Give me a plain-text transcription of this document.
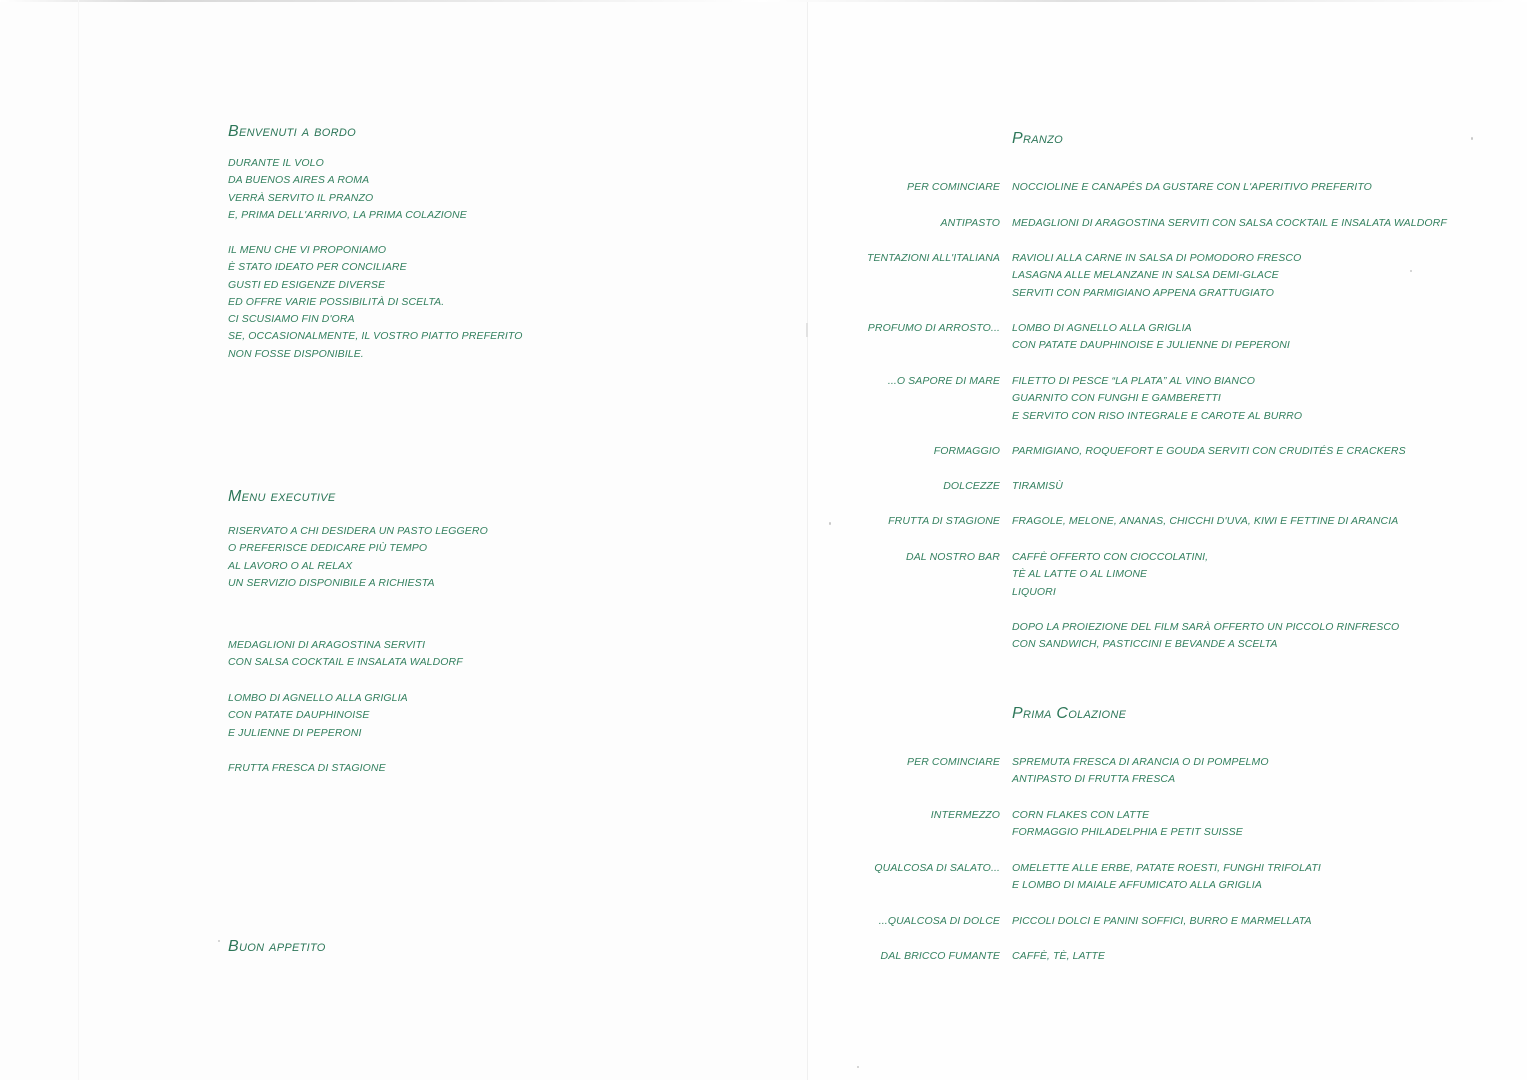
Benvenuti a bordo
DURANTE IL VOLO
DA BUENOS AIRES A ROMA
VERRÀ SERVITO IL PRANZO
E, PRIMA DELL'ARRIVO, LA PRIMA COLAZIONE
IL MENU CHE VI PROPONIAMO
È STATO IDEATO PER CONCILIARE
GUSTI ED ESIGENZE DIVERSE
ED OFFRE VARIE POSSIBILITÀ DI SCELTA.
CI SCUSIAMO FIN D'ORA
SE, OCCASIONALMENTE, IL VOSTRO PIATTO PREFERITO
NON FOSSE DISPONIBILE.
Menu executive
RISERVATO A CHI DESIDERA UN PASTO LEGGERO
O PREFERISCE DEDICARE PIÙ TEMPO
AL LAVORO O AL RELAX
UN SERVIZIO DISPONIBILE A RICHIESTA
MEDAGLIONI DI ARAGOSTINA SERVITI
CON SALSA COCKTAIL E INSALATA WALDORF
LOMBO DI AGNELLO ALLA GRIGLIA
CON PATATE DAUPHINOISE
E JULIENNE DI PEPERONI
FRUTTA FRESCA DI STAGIONE
Buon appetito
Pranzo
PER COMINCIARE NOCCIOLINE E CANAPÉS DA GUSTARE CON L'APERITIVO PREFERITO
ANTIPASTO MEDAGLIONI DI ARAGOSTINA SERVITI CON SALSA COCKTAIL E INSALATA WALDORF
TENTAZIONI ALL'ITALIANA RAVIOLI ALLA CARNE IN SALSA DI POMODORO FRESCO
LASAGNA ALLE MELANZANE IN SALSA DEMI-GLACE
SERVITI CON PARMIGIANO APPENA GRATTUGIATO
PROFUMO DI ARROSTO... LOMBO DI AGNELLO ALLA GRIGLIA
CON PATATE DAUPHINOISE E JULIENNE DI PEPERONI
...O SAPORE DI MARE FILETTO DI PESCE “LA PLATA” AL VINO BIANCO
GUARNITO CON FUNGHI E GAMBERETTI
E SERVITO CON RISO INTEGRALE E CAROTE AL BURRO
FORMAGGIO PARMIGIANO, ROQUEFORT E GOUDA SERVITI CON CRUDITÉS E CRACKERS
DOLCEZZE TIRAMISÙ
FRUTTA DI STAGIONE FRAGOLE, MELONE, ANANAS, CHICCHI D'UVA, KIWI E FETTINE DI ARANCIA
DAL NOSTRO BAR CAFFÈ OFFERTO CON CIOCCOLATINI,
TÈ AL LATTE O AL LIMONE
LIQUORI
DOPO LA PROIEZIONE DEL FILM SARÀ OFFERTO UN PICCOLO RINFRESCO
CON SANDWICH, PASTICCINI E BEVANDE A SCELTA
Prima Colazione
PER COMINCIARE SPREMUTA FRESCA DI ARANCIA O DI POMPELMO
ANTIPASTO DI FRUTTA FRESCA
INTERMEZZO CORN FLAKES CON LATTE
FORMAGGIO PHILADELPHIA E PETIT SUISSE
QUALCOSA DI SALATO... OMELETTE ALLE ERBE, PATATE ROESTI, FUNGHI TRIFOLATI
E LOMBO DI MAIALE AFFUMICATO ALLA GRIGLIA
...QUALCOSA DI DOLCE PICCOLI DOLCI E PANINI SOFFICI, BURRO E MARMELLATA
DAL BRICCO FUMANTE CAFFÈ, TÈ, LATTE
